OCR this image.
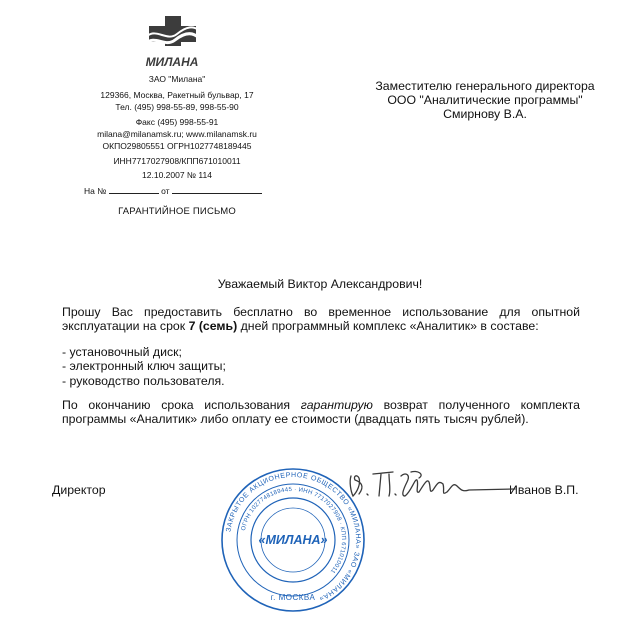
МИЛАНА
ЗАО "Милана"
129366, Москва, Ракетный бульвар, 17
Тел. (495) 998-55-89, 998-55-90
Факс (495) 998-55-91
milana@milanamsk.ru; www.milanamsk.ru
ОКПО29805551 ОГРН1027748189445
ИНН7717027908/КПП671010011
12.10.2007 № 114
На №	от
ГАРАНТИЙНОЕ ПИСЬМО
Заместителю генерального директора
ООО "Аналитические программы"
Смирнову В.А.
Уважаемый Виктор Александрович!
Прошу Вас предоставить бесплатно во временное использование для опытной
эксплуатации на срок 7 (семь) дней программный комплекс «Аналитик» в составе:
- установочный диск;
- электронный ключ защиты;
- руководство пользователя.
По окончанию срока использования гарантирую возврат полученного комплекта
программы «Аналитик» либо оплату ее стоимости (двадцать пять тысяч рублей).
Директор	Иванов В.П.
ЗАКРЫТОЕ АКЦИОНЕРНОЕ ОБЩЕСТВО «МИЛАНА» ЗАО «МИЛАНА»
ОГРН 1027748189445 · ИНН 7717027908 · КПП 671010011
«МИЛАНА»
г. МОСКВА
